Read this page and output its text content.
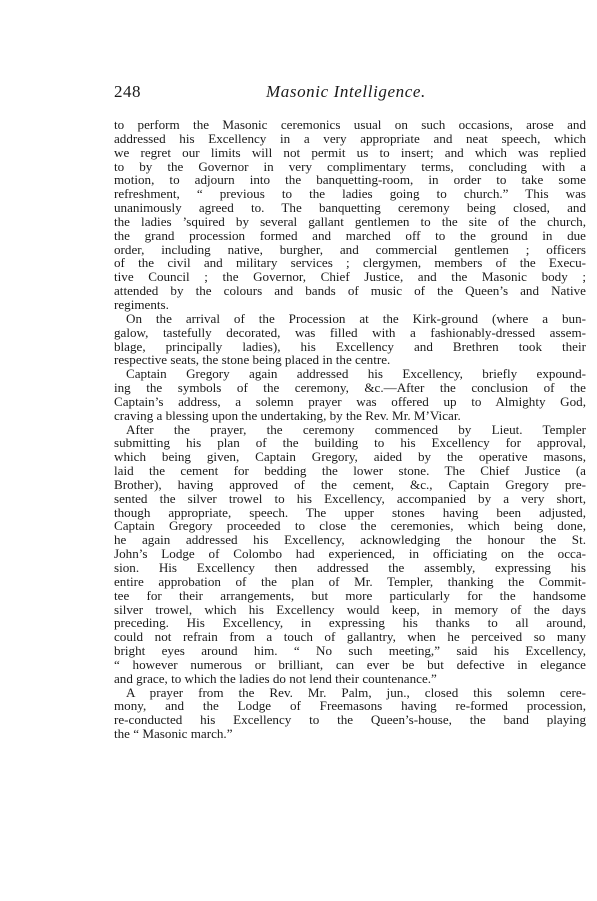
248	Masonic Intelligence.

to perform the Masonic ceremonics usual on such occasions, arose and
addressed his Excellency in a very appropriate and neat speech, which
we regret our limits will not permit us to insert; and which was replied
to by the Governor in very complimentary terms, concluding with a
motion, to adjourn into the banquetting-room, in order to take some
refreshment, “ previous to the ladies going to church.” This was
unanimously agreed to. The banquetting ceremony being closed, and
the ladies ’squired by several gallant gentlemen to the site of the church,
the grand procession formed and marched off to the ground in due
order, including native, burgher, and commercial gentlemen ; officers
of the civil and military services ; clergymen, members of the Execu-
tive Council ; the Governor, Chief Justice, and the Masonic body ;
attended by the colours and bands of music of the Queen’s and Native
regiments.

On the arrival of the Procession at the Kirk-ground (where a bun-
galow, tastefully decorated, was filled with a fashionably-dressed assem-
blage, principally ladies), his Excellency and Brethren took their
respective seats, the stone being placed in the centre.

Captain Gregory again addressed his Excellency, briefly expound-
ing the symbols of the ceremony, &c.—After the conclusion of the
Captain’s address, a solemn prayer was offered up to Almighty God,
craving a blessing upon the undertaking, by the Rev. Mr. M’Vicar.

After the prayer, the ceremony commenced by Lieut. Templer
submitting his plan of the building to his Excellency for approval,
which being given, Captain Gregory, aided by the operative masons,
laid the cement for bedding the lower stone. The Chief Justice (a
Brother), having approved of the cement, &c., Captain Gregory pre-
sented the silver trowel to his Excellency, accompanied by a very short,
though appropriate, speech. The upper stones having been adjusted,
Captain Gregory proceeded to close the ceremonies, which being done,
he again addressed his Excellency, acknowledging the honour the St.
John’s Lodge of Colombo had experienced, in officiating on the occa-
sion. His Excellency then addressed the assembly, expressing his
entire approbation of the plan of Mr. Templer, thanking the Commit-
tee for their arrangements, but more particularly for the handsome
silver trowel, which his Excellency would keep, in memory of the days
preceding. His Excellency, in expressing his thanks to all around,
could not refrain from a touch of gallantry, when he perceived so many
bright eyes around him. “ No such meeting,” said his Excellency,
“ however numerous or brilliant, can ever be but defective in elegance
and grace, to which the ladies do not lend their countenance.”

A prayer from the Rev. Mr. Palm, jun., closed this solemn cere-
mony, and the Lodge of Freemasons having re-formed procession,
re-conducted his Excellency to the Queen’s-house, the band playing
the “ Masonic march.”
